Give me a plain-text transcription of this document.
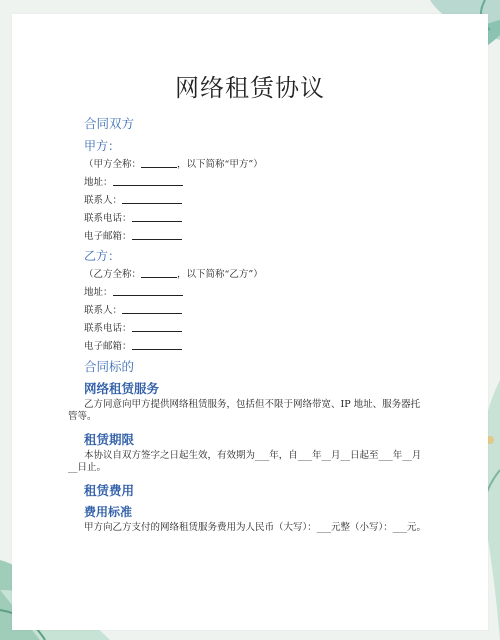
网络租赁协议
合同双方
甲方：
（甲方全称：	，以下简称“甲方”）
地址：
联系人：
联系电话：
电子邮箱：
乙方：
（乙方全称：	，以下简称“乙方”）
地址：
联系人：
联系电话：
电子邮箱：
合同标的
网络租赁服务
乙方同意向甲方提供网络租赁服务，包括但不限于网络带宽、IP 地址、服务器托管等。
租赁期限
本协议自双方签字之日起生效，有效期为___年，自___年__月__日起至___年__月__日止。
租赁费用
费用标准
甲方向乙方支付的网络租赁服务费用为人民币（大写）：___元整（小写）：___元。
